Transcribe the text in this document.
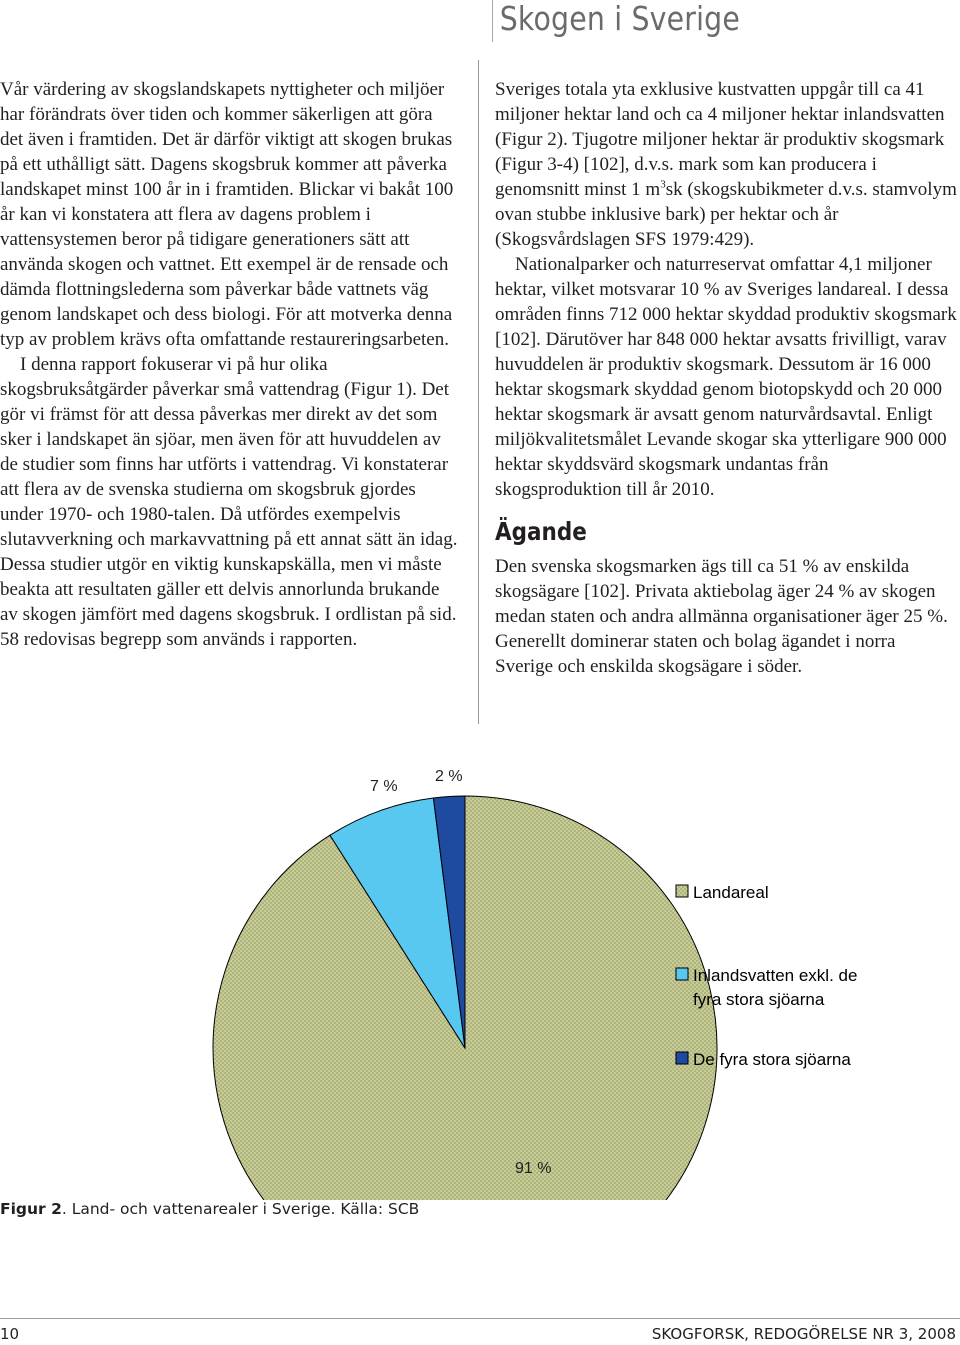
Skogen i Sverige

Vår värdering av skogslandskapets nyttigheter och miljöer har förändrats över tiden och kommer säkerligen att göra det även i framtiden. Det är därför viktigt att skogen brukas på ett uthålligt sätt. Dagens skogsbruk kommer att påverka landskapet minst 100 år in i framtiden. Blickar vi bakåt 100 år kan vi konstatera att flera av dagens problem i vattensystemen beror på tidigare generationers sätt att använda skogen och vattnet. Ett exempel är de rensade och dämda flottningslederna som påverkar både vattnets väg genom landskapet och dess biologi. För att motverka denna typ av problem krävs ofta omfattande restaureringsarbeten.

I denna rapport fokuserar vi på hur olika skogsbruksåtgärder påverkar små vattendrag (Figur 1). Det gör vi främst för att dessa påverkas mer direkt av det som sker i landskapet än sjöar, men även för att huvuddelen av de studier som finns har utförts i vattendrag. Vi konstaterar att flera av de svenska studierna om skogsbruk gjordes under 1970- och 1980-talen. Då utfördes exempelvis slutavverkning och markavvattning på ett annat sätt än idag. Dessa studier utgör en viktig kunskapskälla, men vi måste beakta att resultaten gäller ett delvis annorlunda brukande av skogen jämfört med dagens skogsbruk. I ordlistan på sid. 58 redovisas begrepp som används i rapporten.

Sveriges totala yta exklusive kustvatten uppgår till ca 41 miljoner hektar land och ca 4 miljoner hektar inlandsvatten (Figur 2). Tjugotre miljoner hektar är produktiv skogsmark (Figur 3-4) [102], d.v.s. mark som kan producera i genomsnitt minst 1 $m^3sk$ (skogskubikmeter d.v.s. stamvolym ovan stubbe inklusive bark) per hektar och år (Skogsvårdslagen SFS 1979:429).

Nationalparker och naturreservat omfattar 4,1 miljoner hektar, vilket motsvarar 10 % av Sveriges landareal. I dessa områden finns 712 000 hektar skyddad produktiv skogsmark [102]. Därutöver har 848 000 hektar avsatts frivilligt, varav huvuddelen är produktiv skogsmark. Dessutom är 16 000 hektar skogsmark skyddad genom biotopskydd och 20 000 hektar skogsmark är avsatt genom naturvårdsavtal. Enligt miljökvalitetsmålet Levande skogar ska ytterligare 900 000 hektar skyddsvärd skogsmark undantas från skogsproduktion till år 2010.

Ägande

Den svenska skogsmarken ägs till ca 51 % av enskilda skogsägare [102]. Privata aktiebolag äger 24 % av skogen medan staten och andra allmänna organisationer äger 25 %. Generellt dominerar staten och bolag ägandet i norra Sverige och enskilda skogsägare i söder.

91 %
7 %
2 %
Landareal
Inlandsvatten exkl. de
fyra stora sjöarna
De fyra stora sjöarna
Figur 2. Land- och vattenarealer i Sverige. Källa: SCB
10	SKOGFORSK, REDOGÖRELSE NR 3, 2008
